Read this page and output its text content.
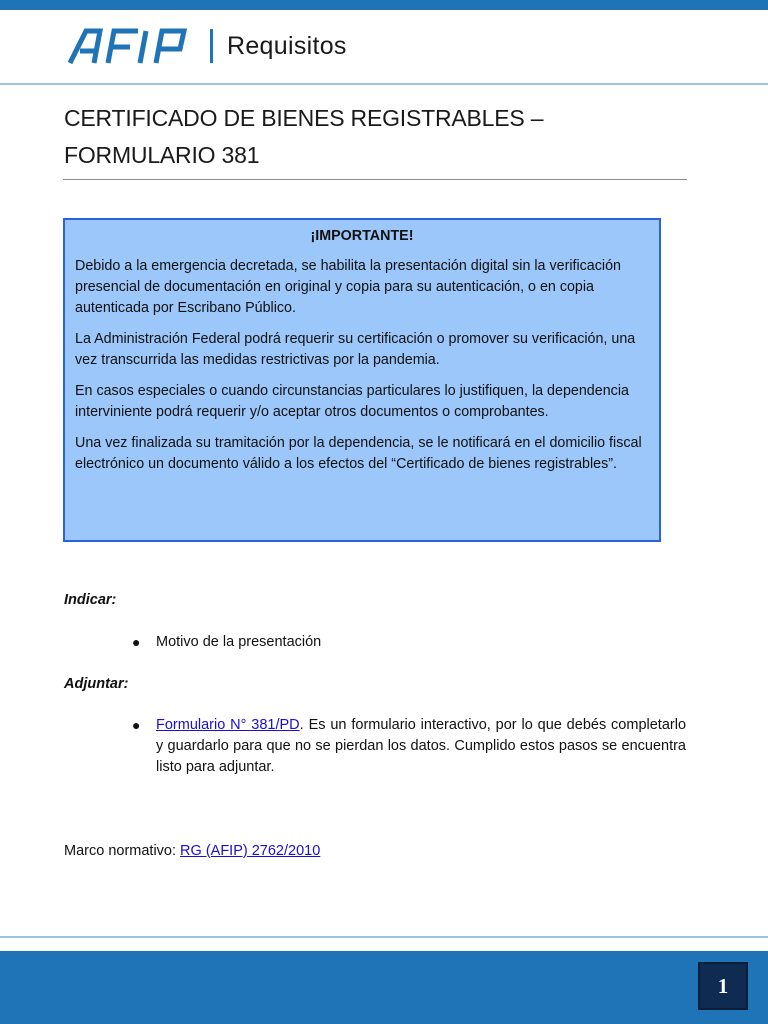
Requisitos
CERTIFICADO DE BIENES REGISTRABLES –
FORMULARIO 381
¡IMPORTANTE!

Debido a la emergencia decretada, se habilita la presentación digital sin la verificación presencial de documentación en original y copia para su autenticación, o en copia autenticada por Escribano Público.

La Administración Federal podrá requerir su certificación o promover su verificación, una vez transcurrida las medidas restrictivas por la pandemia.

En casos especiales o cuando circunstancias particulares lo justifiquen, la dependencia interviniente podrá requerir y/o aceptar otros documentos o comprobantes.

Una vez finalizada su tramitación por la dependencia, se le notificará en el domicilio fiscal electrónico un documento válido a los efectos del “Certificado de bienes registrables”.

Indicar:
●	Motivo de la presentación
Adjuntar:
●	Formulario N° 381/PD. Es un formulario interactivo, por lo que debés completarlo y guardarlo para que no se pierdan los datos. Cumplido estos pasos se encuentra listo para adjuntar.
Marco normativo: RG (AFIP) 2762/2010
1
